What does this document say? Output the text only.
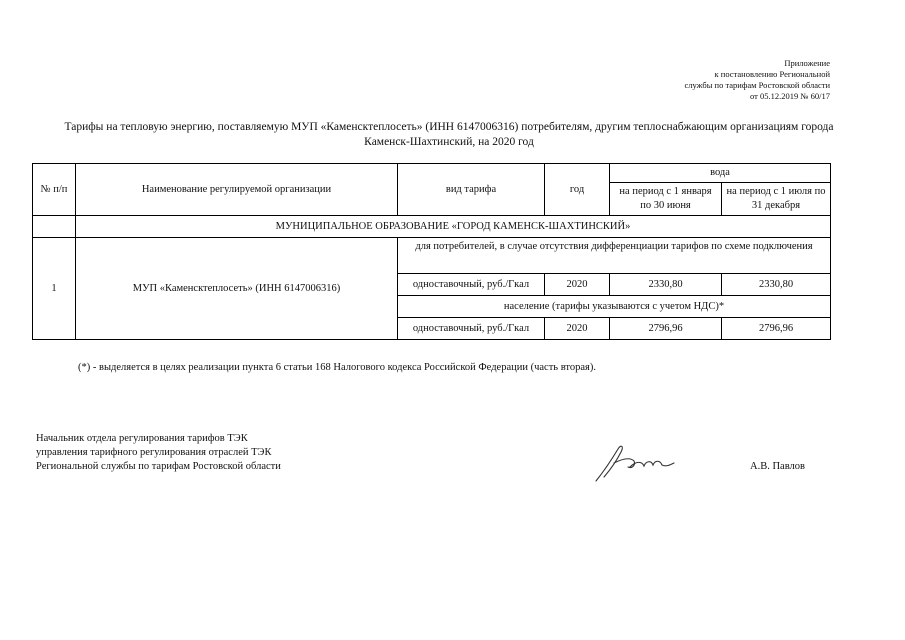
Приложение
к постановлению Региональной
службы по тарифам Ростовской области
от 05.12.2019 № 60/17
Тарифы на тепловую энергию, поставляемую МУП «Каменсктеплосеть» (ИНН 6147006316) потребителям, другим теплоснабжающим организациям города
Каменск-Шахтинский, на 2020 год
№ п/п	Наименование регулируемой организации	вид тарифа	год	вода	
				на период с 1 января по 30 июня	на период с 1 июля по 31 декабря
	МУНИЦИПАЛЬНОЕ ОБРАЗОВАНИЕ «ГОРОД КАМЕНСК-ШАХТИНСКИЙ»				
1	МУП «Каменсктеплосеть» (ИНН 6147006316)	для потребителей, в случае отсутствия дифференциации тарифов по схеме подключения			
		одноставочный, руб./Гкал	2020	2330,80	2330,80
		население (тарифы указываются с учетом НДС)*			
		одноставочный, руб./Гкал	2020	2796,96	2796,96
(*) - выделяется в целях реализации пункта 6 статьи 168 Налогового кодекса Российской Федерации (часть вторая).
Начальник отдела регулирования тарифов ТЭК
управления тарифного регулирования отраслей ТЭК
Региональной службы по тарифам Ростовской области	А.В. Павлов
